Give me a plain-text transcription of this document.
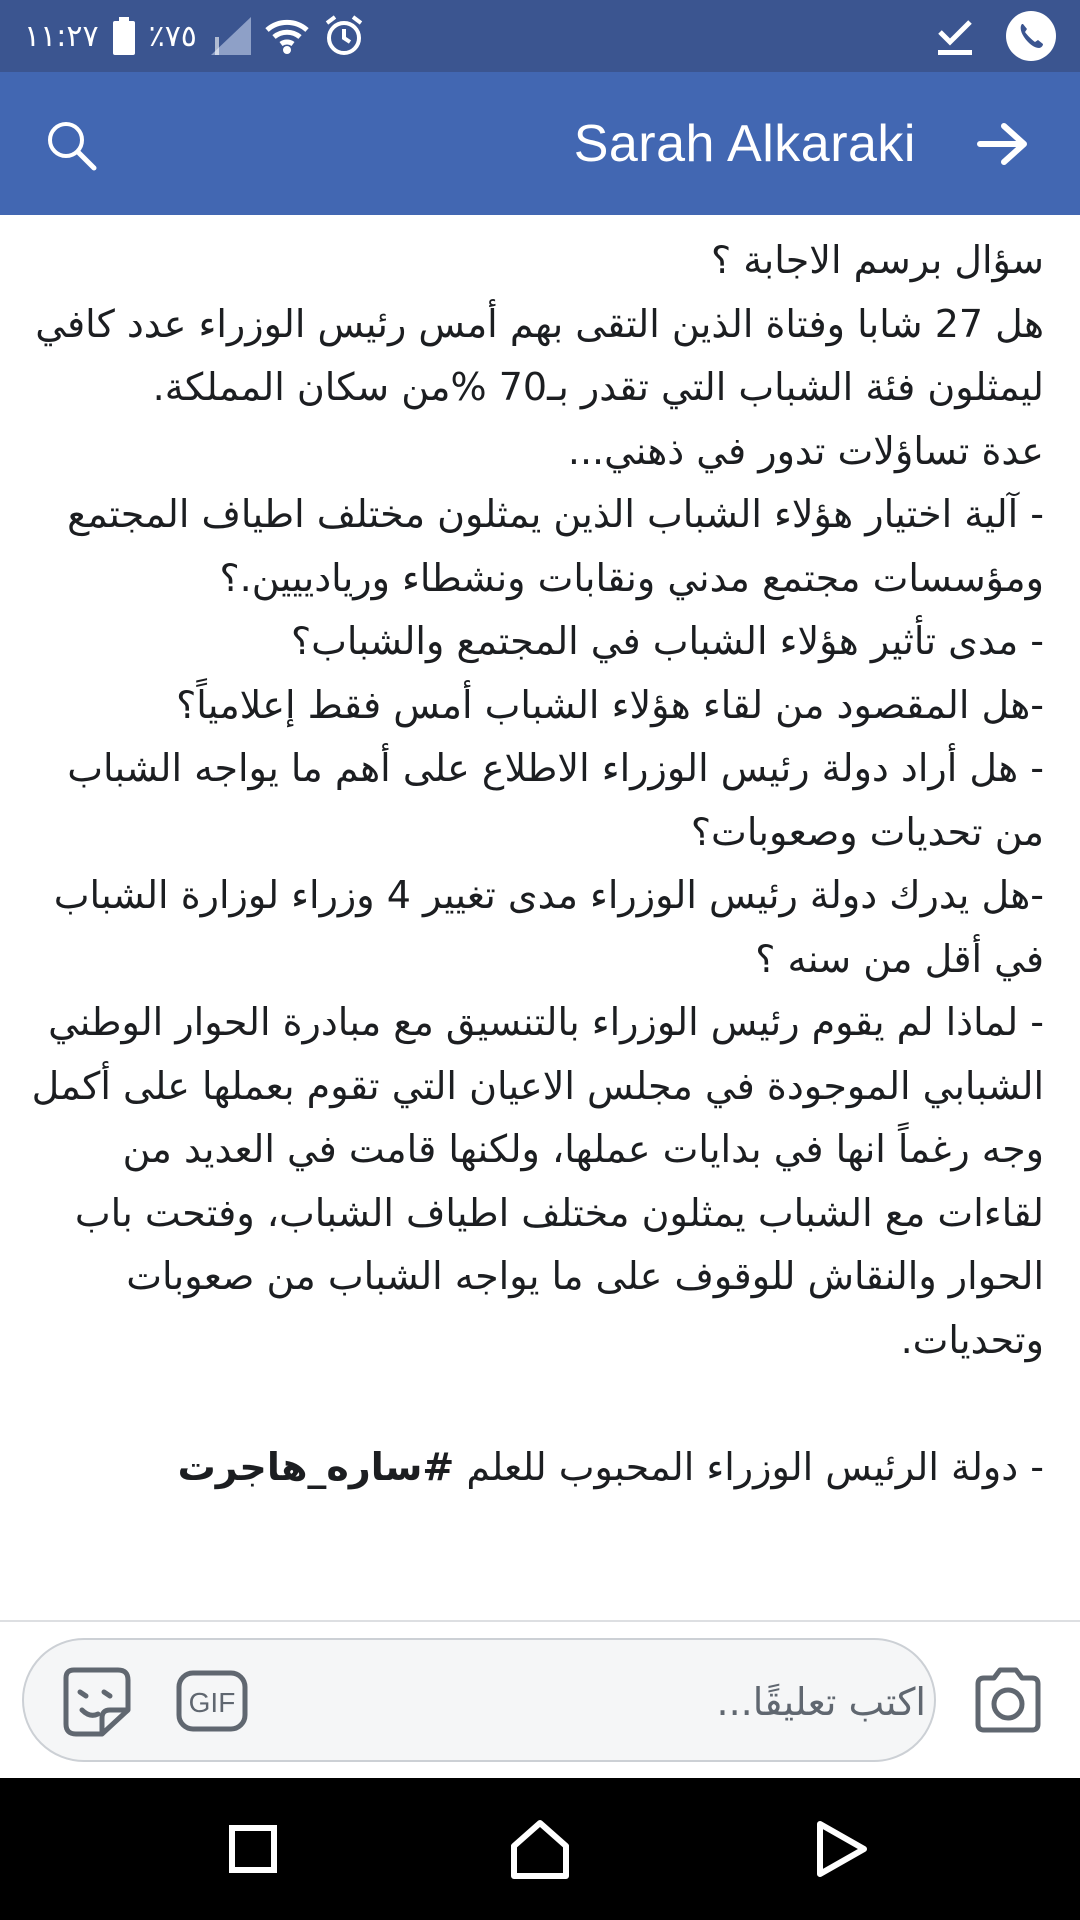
١١:٢٧ ٪٧٥
Sarah Alkaraki

سؤال برسم الاجابة ؟

هل 27 شابا وفتاة الذين التقى بهم أمس رئيس الوزراء عدد كافي ليمثلون فئة الشباب التي تقدر بـ70 %من سكان المملكة.

عدة تساؤلات تدور في ذهني...

- آلية اختيار هؤلاء الشباب الذين يمثلون مختلف اطياف المجتمع ومؤسسات مجتمع مدني ونقابات ونشطاء وريادييين.؟

- مدى تأثير هؤلاء الشباب في المجتمع والشباب؟

-هل المقصود من لقاء هؤلاء الشباب أمس فقط إعلامياً؟

- هل أراد دولة رئيس الوزراء الاطلاع على أهم ما يواجه الشباب من تحديات وصعوبات؟

-هل يدرك دولة رئيس الوزراء مدى تغيير 4 وزراء لوزارة الشباب في أقل من سنه ؟

- لماذا لم يقوم رئيس الوزراء بالتنسيق مع مبادرة الحوار الوطني الشبابي الموجودة في مجلس الاعيان التي تقوم بعملها على أكمل وجه رغماً انها في بدايات عملها، ولكنها قامت في العديد من لقاءات مع الشباب يمثلون مختلف اطياف الشباب، وفتحت باب الحوار والنقاش للوقوف على ما يواجه الشباب من صعوبات وتحديات.

- دولة الرئيس الوزراء المحبوب للعلم #ساره_هاجرت

GIF
اكتب تعليقًا...
